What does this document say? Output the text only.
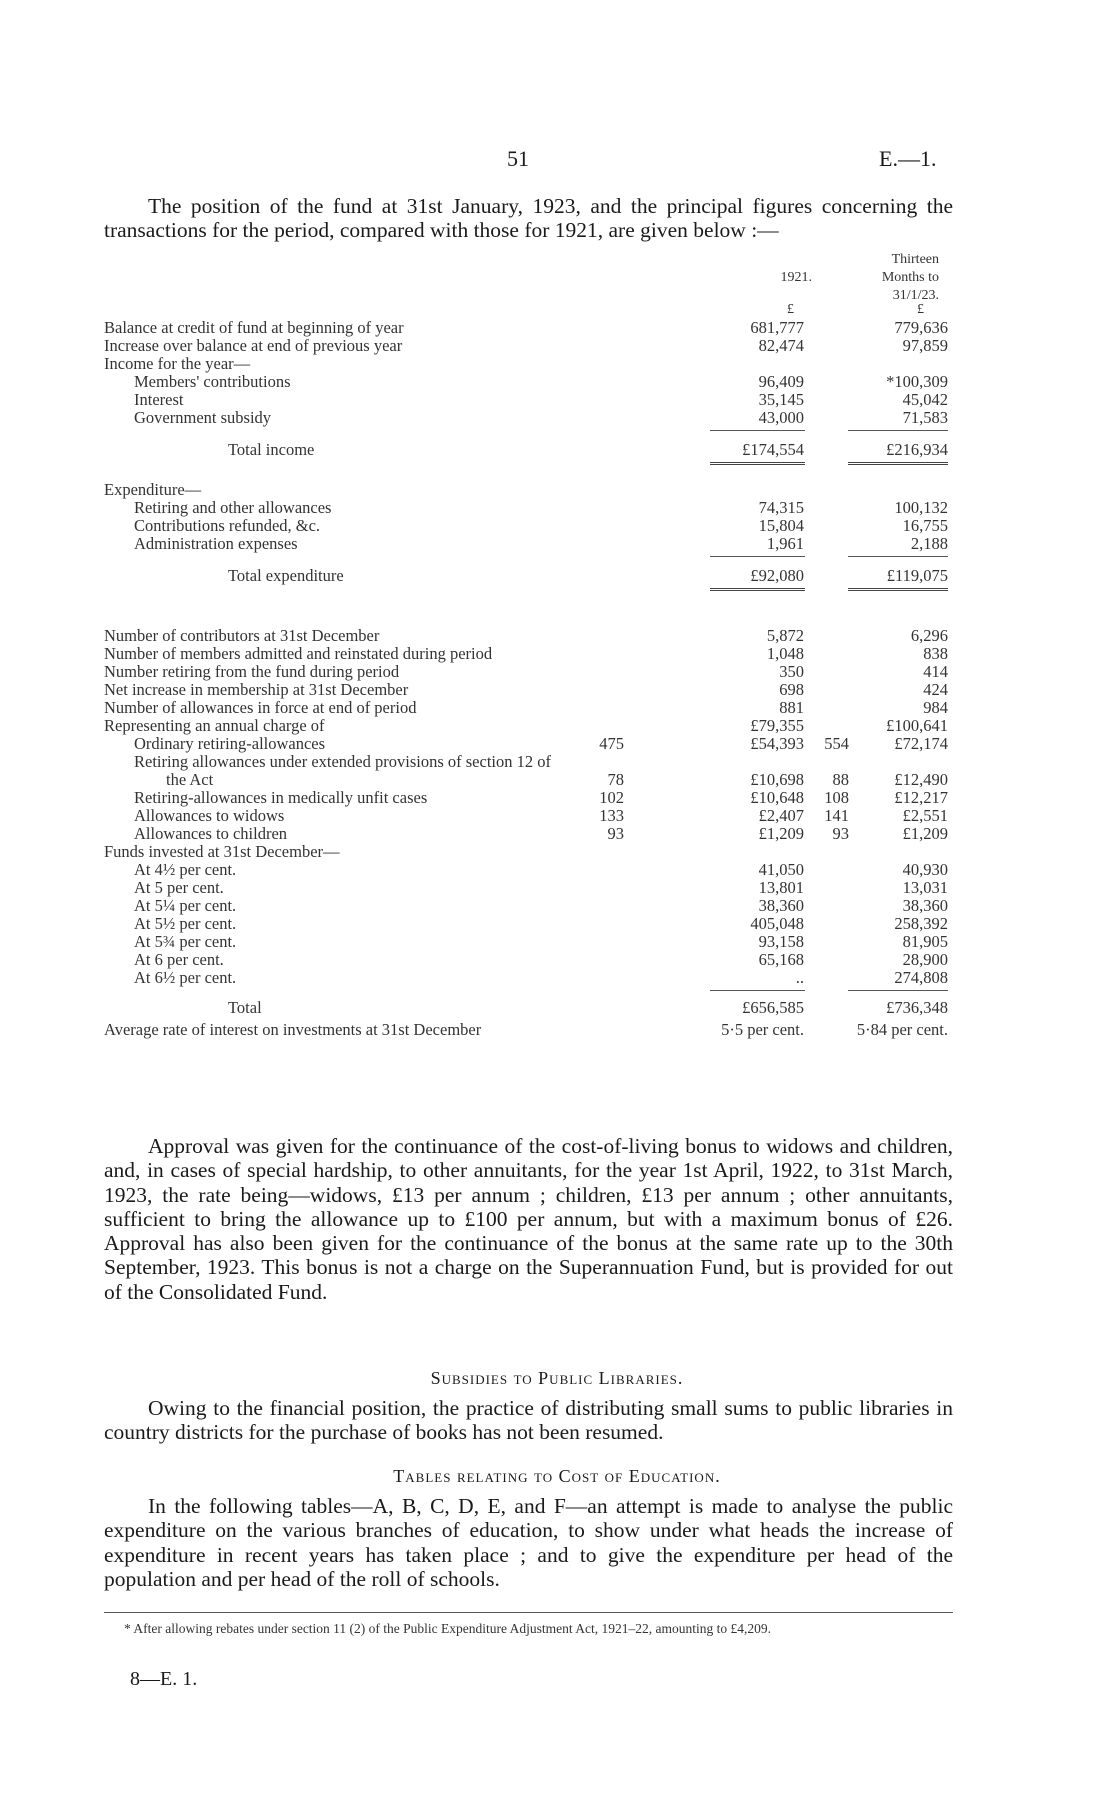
51	E.—1.
The position of the fund at 31st January, 1923, and the principal figures concerning the transactions for the period, compared with those for 1921, are given below :—
1921.
Thirteen
Months to
31/1/23.
£	£
Balance at credit of fund at beginning of year	681,777	779,636
Increase over balance at end of previous year	82,474	97,859
Income for the year—
Members' contributions	96,409	*100,309
Interest	35,145	45,042
Government subsidy	43,000	71,583
Total income	£174,554	£216,934
Expenditure—
Retiring and other allowances	74,315	100,132
Contributions refunded, &c.	15,804	16,755
Administration expenses	1,961	2,188
Total expenditure	£92,080	£119,075
Number of contributors at 31st December	5,872	6,296
Number of members admitted and reinstated during period	1,048	838
Number retiring from the fund during period	350	414
Net increase in membership at 31st December	698	424
Number of allowances in force at end of period	881	984
Representing an annual charge of	£79,355	£100,641
Ordinary retiring-allowances	475	£54,393	554	£72,174
Retiring allowances under extended provisions of section 12 of
the Act	78	£10,698	88	£12,490
Retiring-allowances in medically unfit cases	102	£10,648	108	£12,217
Allowances to widows	133	£2,407	141	£2,551
Allowances to children	93	£1,209	93	£1,209
Funds invested at 31st December—
At 4½ per cent.	41,050	40,930
At 5 per cent.	13,801	13,031
At 5¼ per cent.	38,360	38,360
At 5½ per cent.	405,048	258,392
At 5¾ per cent.	93,158	81,905
At 6 per cent.	65,168	28,900
At 6½ per cent.	..	274,808
Total	£656,585	£736,348
Average rate of interest on investments at 31st December	5·5 per cent.	5·84 per cent.
Approval was given for the continuance of the cost-of-living bonus to widows and children, and, in cases of special hardship, to other annuitants, for the year 1st April, 1922, to 31st March, 1923, the rate being—widows, £13 per annum ; children, £13 per annum ; other annuitants, sufficient to bring the allowance up to £100 per annum, but with a maximum bonus of £26. Approval has also been given for the continuance of the bonus at the same rate up to the 30th September, 1923. This bonus is not a charge on the Superannuation Fund, but is provided for out of the Consolidated Fund.
Subsidies to Public Libraries.
Owing to the financial position, the practice of distributing small sums to public libraries in country districts for the purchase of books has not been resumed.
Tables relating to Cost of Education.
In the following tables—A, B, C, D, E, and F—an attempt is made to analyse the public expenditure on the various branches of education, to show under what heads the increase of expenditure in recent years has taken place ; and to give the expenditure per head of the population and per head of the roll of schools.
* After allowing rebates under section 11 (2) of the Public Expenditure Adjustment Act, 1921–22, amounting to £4,209.
8—E. 1.
